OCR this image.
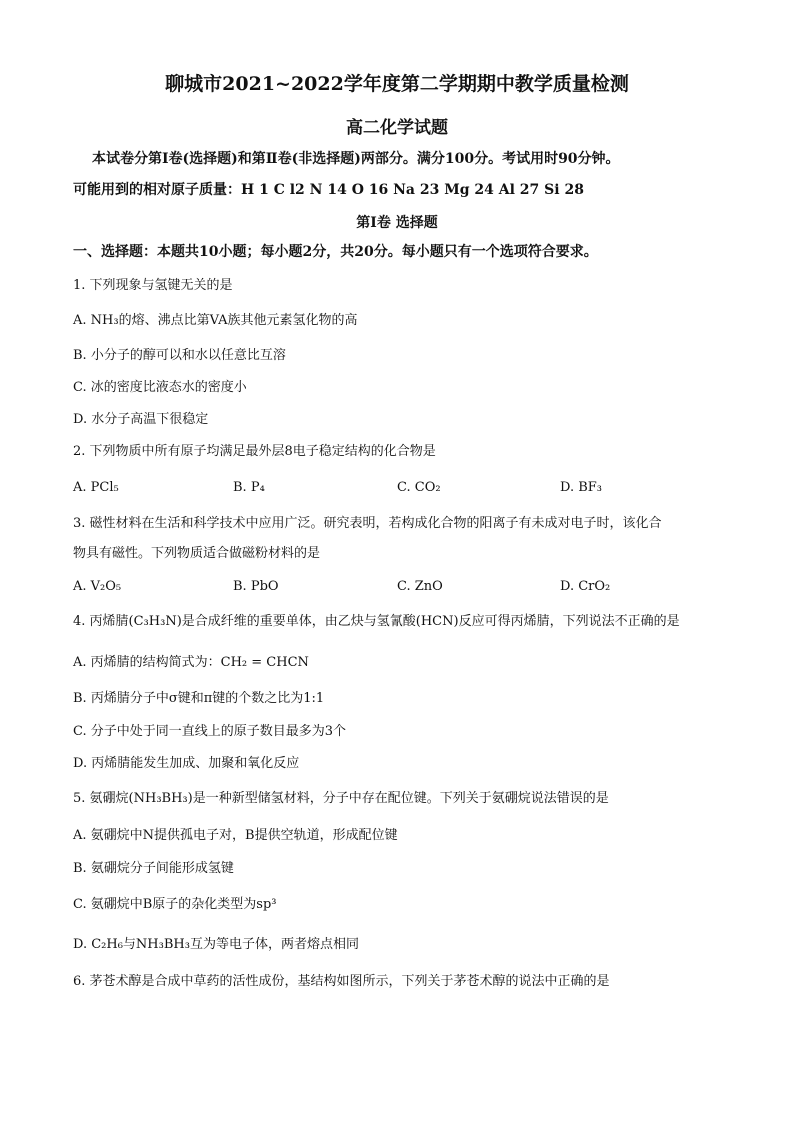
聊城市2021~2022学年度第二学期期中教学质量检测
高二化学试题
本试卷分第Ⅰ卷(选择题)和第Ⅱ卷(非选择题)两部分。满分100分。考试用时90分钟。
可能用到的相对原子质量：H 1 C l2 N 14 O 16 Na 23 Mg 24 Al 27 Si 28
第Ⅰ卷 选择题
一、选择题：本题共10小题；每小题2分，共20分。每小题只有一个选项符合要求。
1. 下列现象与氢键无关的是
A. NH₃的熔、沸点比第VA族其他元素氢化物的高
B. 小分子的醇可以和水以任意比互溶
C. 冰的密度比液态水的密度小
D. 水分子高温下很稳定
2. 下列物质中所有原子均满足最外层8电子稳定结构的化合物是
A. PCl₅	B. P₄	C. CO₂	D. BF₃
3. 磁性材料在生活和科学技术中应用广泛。研究表明，若构成化合物的阳离子有未成对电子时，该化合
物具有磁性。下列物质适合做磁粉材料的是
A. V₂O₅	B. PbO	C. ZnO	D. CrO₂
4. 丙烯腈(C₃H₃N)是合成纤维的重要单体，由乙炔与氢氰酸(HCN)反应可得丙烯腈，下列说法不正确的是
A. 丙烯腈的结构简式为：CH₂ = CHCN
B. 丙烯腈分子中σ键和π键的个数之比为1:1
C. 分子中处于同一直线上的原子数目最多为3个
D. 丙烯腈能发生加成、加聚和氧化反应
5. 氨硼烷(NH₃BH₃)是一种新型储氢材料，分子中存在配位键。下列关于氨硼烷说法错误的是
A. 氨硼烷中N提供孤电子对，B提供空轨道，形成配位键
B. 氨硼烷分子间能形成氢键
C. 氨硼烷中B原子的杂化类型为sp³
D. C₂H₆与NH₃BH₃互为等电子体，两者熔点相同
6. 茅苍术醇是合成中草药的活性成份，基结构如图所示，下列关于茅苍术醇的说法中正确的是
